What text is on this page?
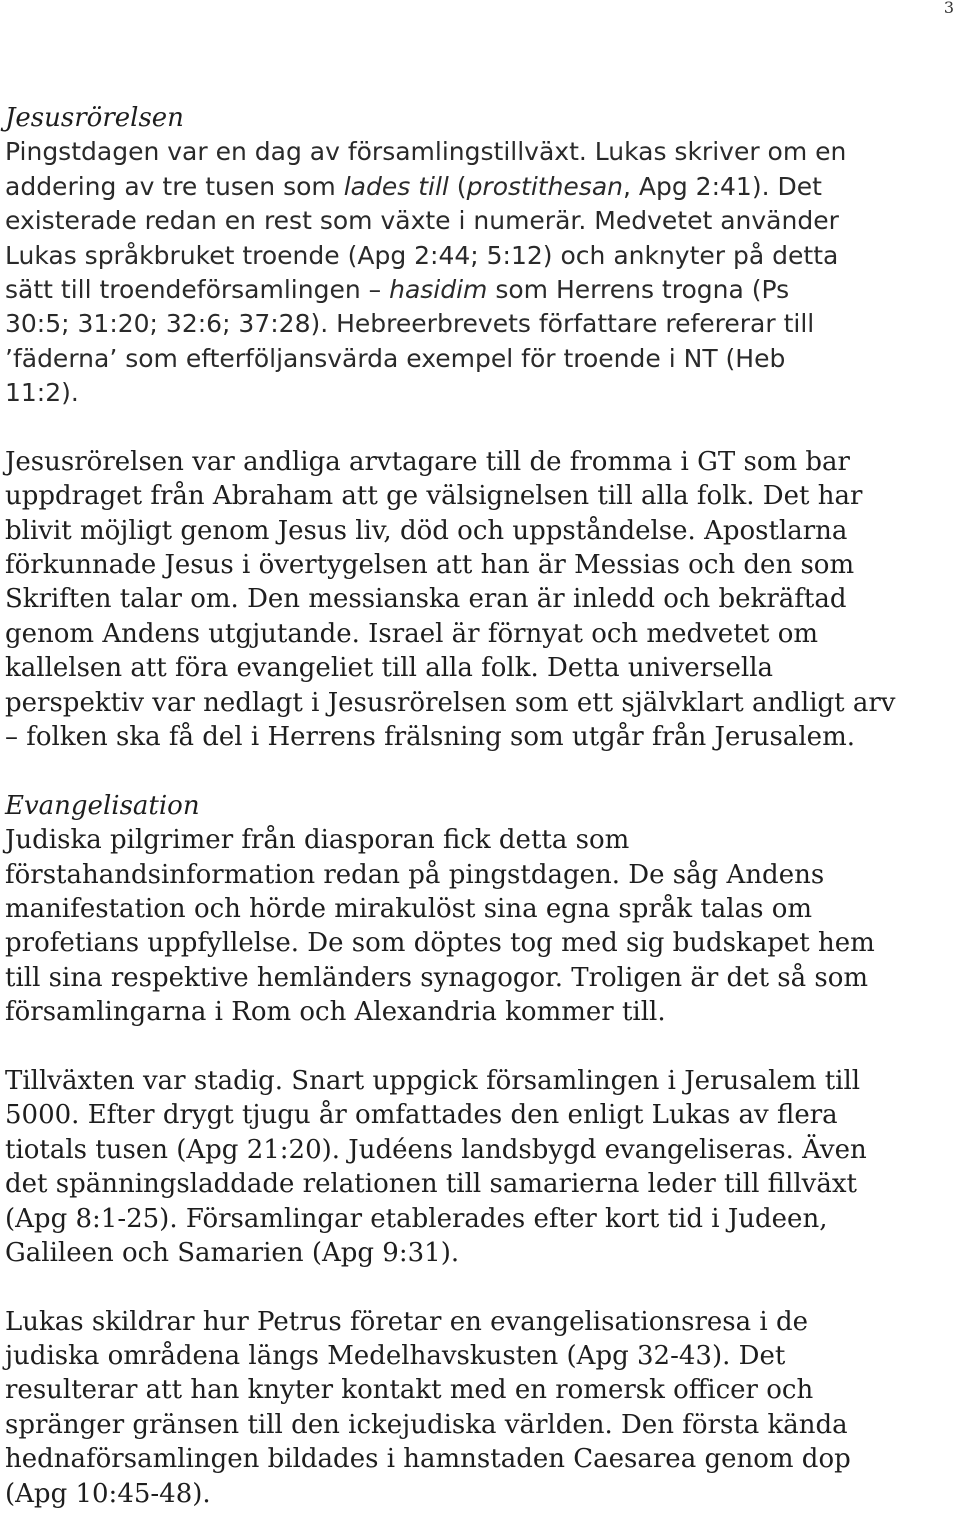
3
Jesusrörelsen
Pingstdagen var en dag av församlingstillväxt. Lukas skriver om en
addering av tre tusen som lades till (prostithesan, Apg 2:41). Det
existerade redan en rest som växte i numerär. Medvetet använder
Lukas språkbruket troende (Apg 2:44; 5:12) och anknyter på detta
sätt till troendeförsamlingen – hasidim som Herrens trogna (Ps
30:5; 31:20; 32:6; 37:28). Hebreerbrevets författare refererar till
’fäderna’ som efterföljansvärda exempel för troende i NT (Heb
11:2).
Jesusrörelsen var andliga arvtagare till de fromma i GT som bar
uppdraget från Abraham att ge välsignelsen till alla folk. Det har
blivit möjligt genom Jesus liv, död och uppståndelse. Apostlarna
förkunnade Jesus i övertygelsen att han är Messias och den som
Skriften talar om. Den messianska eran är inledd och bekräftad
genom Andens utgjutande. Israel är förnyat och medvetet om
kallelsen att föra evangeliet till alla folk. Detta universella
perspektiv var nedlagt i Jesusrörelsen som ett självklart andligt arv
– folken ska få del i Herrens frälsning som utgår från Jerusalem.
Evangelisation
Judiska pilgrimer från diasporan fick detta som
förstahandsinformation redan på pingstdagen. De såg Andens
manifestation och hörde mirakulöst sina egna språk talas om
profetians uppfyllelse. De som döptes tog med sig budskapet hem
till sina respektive hemländers synagogor. Troligen är det så som
församlingarna i Rom och Alexandria kommer till.
Tillväxten var stadig. Snart uppgick församlingen i Jerusalem till
5000. Efter drygt tjugu år omfattades den enligt Lukas av flera
tiotals tusen (Apg 21:20). Judéens landsbygd evangeliseras. Även
det spänningsladdade relationen till samarierna leder till fillväxt
(Apg 8:1-25). Församlingar etablerades efter kort tid i Judeen,
Galileen och Samarien (Apg 9:31).
Lukas skildrar hur Petrus företar en evangelisationsresa i de
judiska områdena längs Medelhavskusten (Apg 32-43). Det
resulterar att han knyter kontakt med en romersk officer och
spränger gränsen till den ickejudiska världen. Den första kända
hednaförsamlingen bildades i hamnstaden Caesarea genom dop
(Apg 10:45-48).
